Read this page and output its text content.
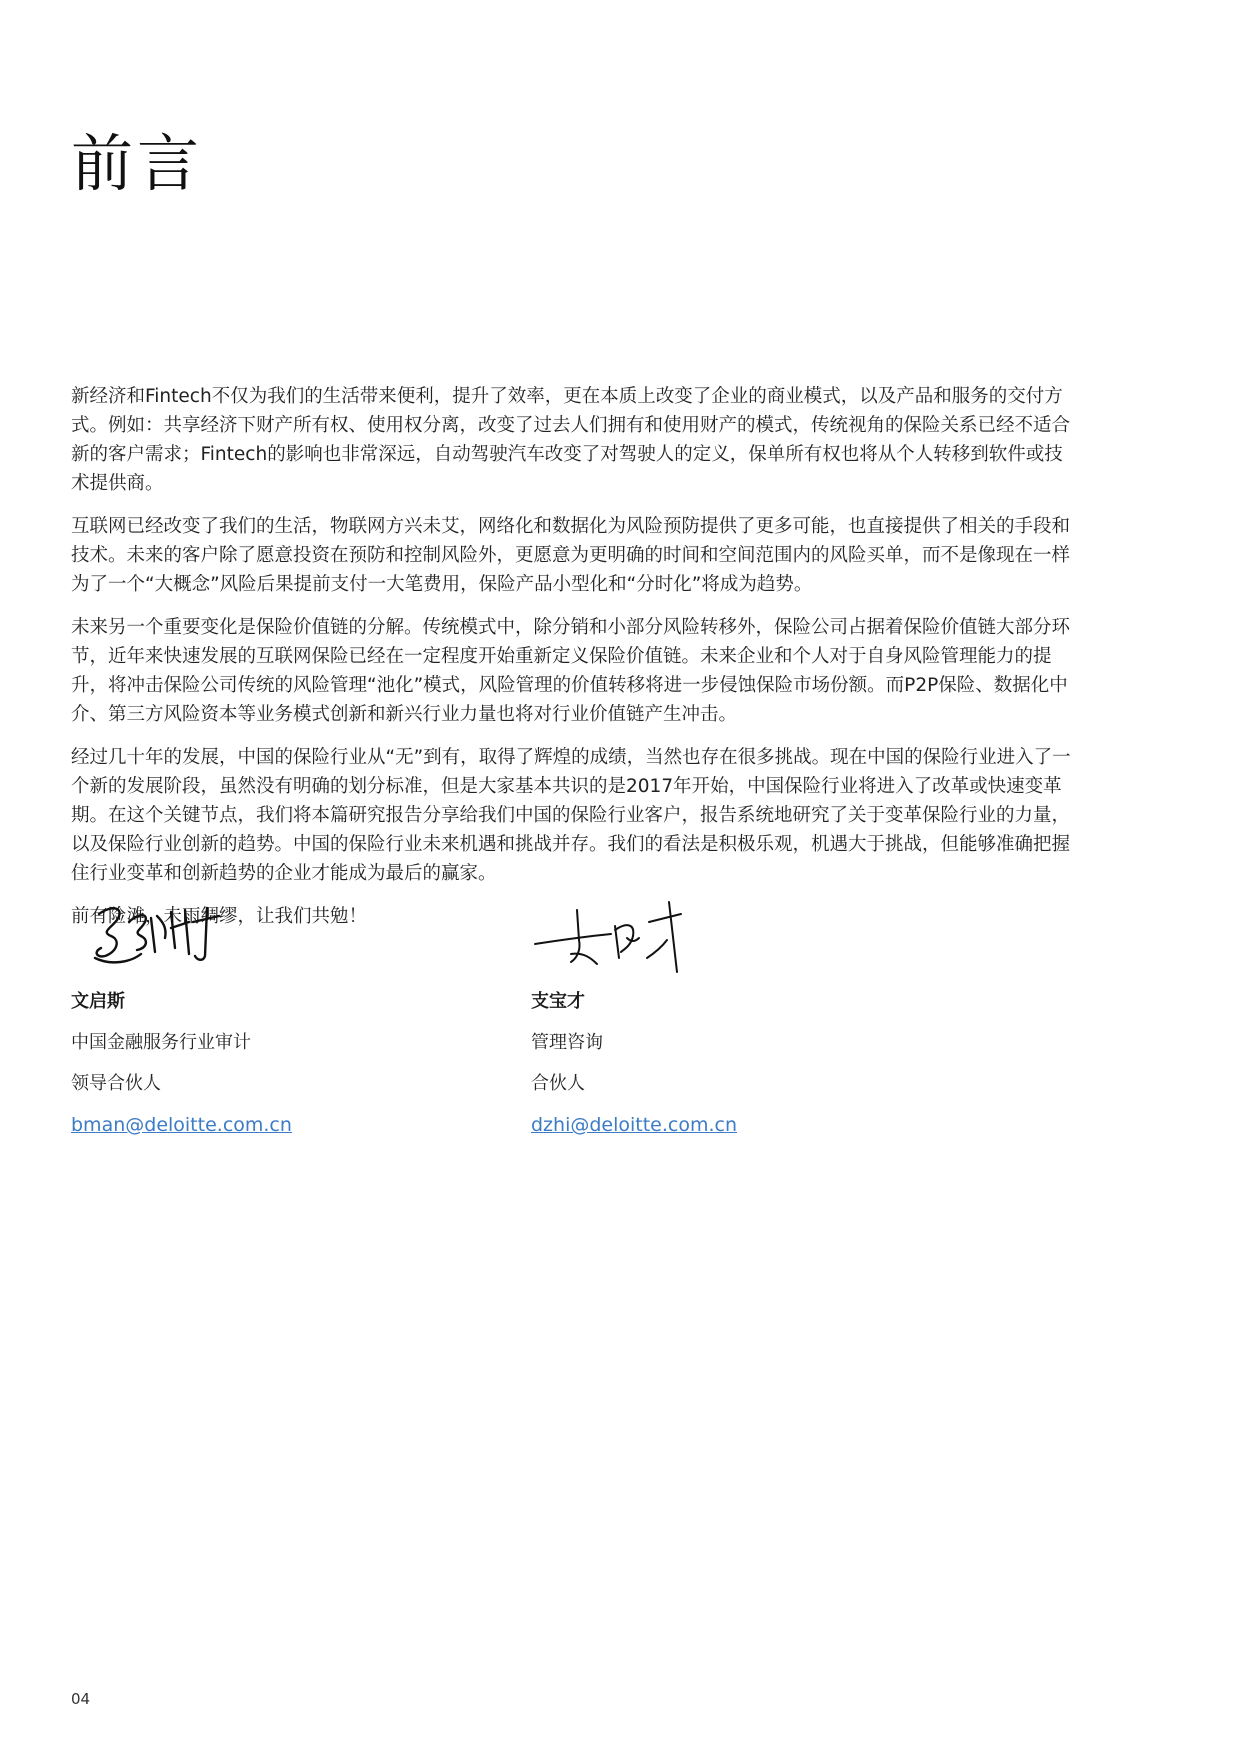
前言

新经济和Fintech不仅为我们的生活带来便利，提升了效率，更在本质上改变了企业的商业模式，以及产品和服务的交付方式。例如：共享经济下财产所有权、使用权分离，改变了过去人们拥有和使用财产的模式，传统视角的保险关系已经不适合新的客户需求；Fintech的影响也非常深远，自动驾驶汽车改变了对驾驶人的定义，保单所有权也将从个人转移到软件或技术提供商。

互联网已经改变了我们的生活，物联网方兴未艾，网络化和数据化为风险预防提供了更多可能，也直接提供了相关的手段和技术。未来的客户除了愿意投资在预防和控制风险外，更愿意为更明确的时间和空间范围内的风险买单，而不是像现在一样为了一个“大概念”风险后果提前支付一大笔费用，保险产品小型化和“分时化”将成为趋势。

未来另一个重要变化是保险价值链的分解。传统模式中，除分销和小部分风险转移外，保险公司占据着保险价值链大部分环节，近年来快速发展的互联网保险已经在一定程度开始重新定义保险价值链。未来企业和个人对于自身风险管理能力的提升，将冲击保险公司传统的风险管理“池化”模式，风险管理的价值转移将进一步侵蚀保险市场份额。而P2P保险、数据化中介、第三方风险资本等业务模式创新和新兴行业力量也将对行业价值链产生冲击。

经过几十年的发展，中国的保险行业从“无”到有，取得了辉煌的成绩，当然也存在很多挑战。现在中国的保险行业进入了一个新的发展阶段，虽然没有明确的划分标准，但是大家基本共识的是2017年开始，中国保险行业将进入了改革或快速变革期。在这个关键节点，我们将本篇研究报告分享给我们中国的保险行业客户，报告系统地研究了关于变革保险行业的力量，以及保险行业创新的趋势。中国的保险行业未来机遇和挑战并存。我们的看法是积极乐观，机遇大于挑战，但能够准确把握住行业变革和创新趋势的企业才能成为最后的赢家。

前有险滩，未雨绸缪，让我们共勉！

文启斯
中国金融服务行业审计
领导合伙人
bman@deloitte.com.cn
支宝才
管理咨询
合伙人
dzhi@deloitte.com.cn
04
